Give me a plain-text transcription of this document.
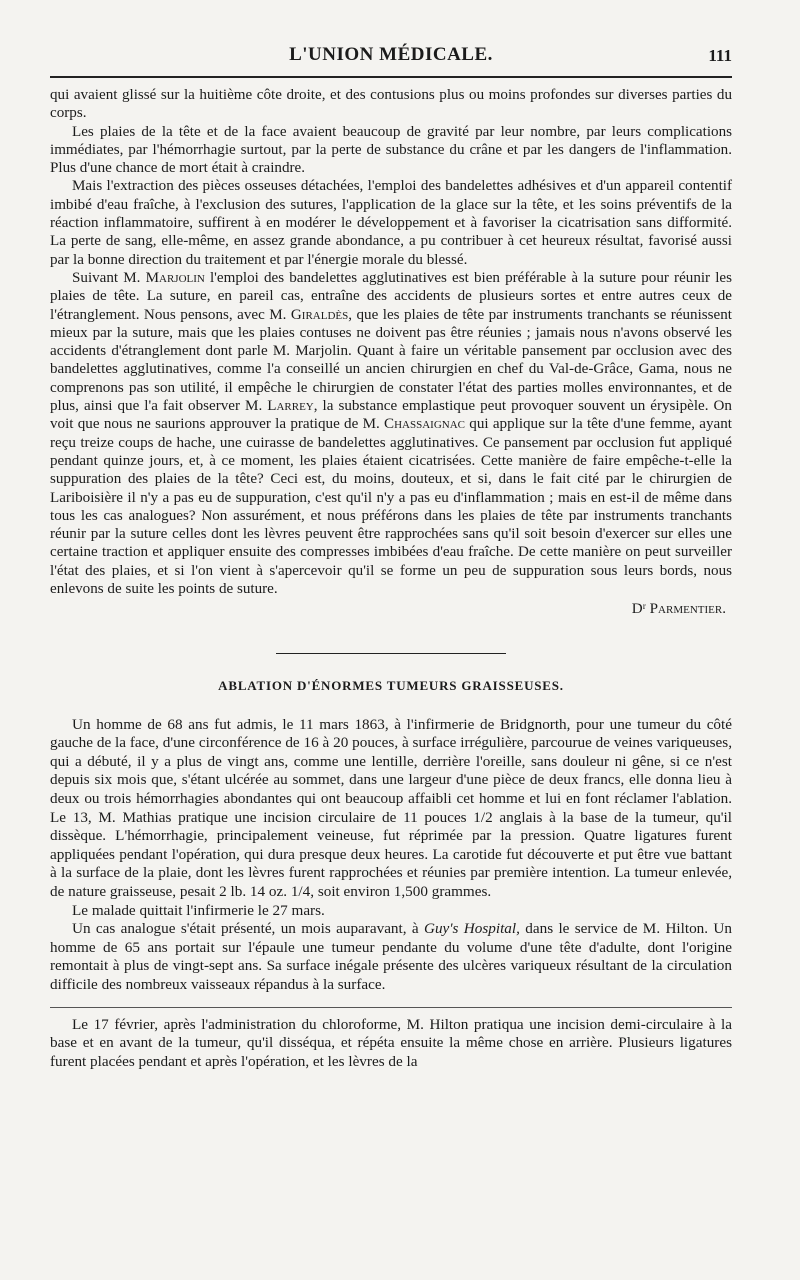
L'UNION MÉDICALE.	111

qui avaient glissé sur la huitième côte droite, et des contusions plus ou moins profondes sur diverses parties du corps.

Les plaies de la tête et de la face avaient beaucoup de gravité par leur nombre, par leurs complications immédiates, par l'hémorrhagie surtout, par la perte de substance du crâne et par les dangers de l'inflammation. Plus d'une chance de mort était à craindre.

Mais l'extraction des pièces osseuses détachées, l'emploi des bandelettes adhésives et d'un appareil contentif imbibé d'eau fraîche, à l'exclusion des sutures, l'application de la glace sur la tête, et les soins préventifs de la réaction inflammatoire, suffirent à en modérer le développement et à favoriser la cicatrisation sans difformité. La perte de sang, elle-même, en assez grande abondance, a pu contribuer à cet heureux résultat, favorisé aussi par la bonne direction du traitement et par l'énergie morale du blessé.

Suivant M. Marjolin l'emploi des bandelettes agglutinatives est bien préférable à la suture pour réunir les plaies de tête. La suture, en pareil cas, entraîne des accidents de plusieurs sortes et entre autres ceux de l'étranglement. Nous pensons, avec M. Giraldès, que les plaies de tête par instruments tranchants se réunissent mieux par la suture, mais que les plaies contuses ne doivent pas être réunies ; jamais nous n'avons observé les accidents d'étranglement dont parle M. Marjolin. Quant à faire un véritable pansement par occlusion avec des bandelettes agglutinatives, comme l'a conseillé un ancien chirurgien en chef du Val-de-Grâce, Gama, nous ne comprenons pas son utilité, il empêche le chirurgien de constater l'état des parties molles environnantes, et de plus, ainsi que l'a fait observer M. Larrey, la substance emplastique peut provoquer souvent un érysipèle. On voit que nous ne saurions approuver la pratique de M. Chassaignac qui applique sur la tête d'une femme, ayant reçu treize coups de hache, une cuirasse de bandelettes agglutinatives. Ce pansement par occlusion fut appliqué pendant quinze jours, et, à ce moment, les plaies étaient cicatrisées. Cette manière de faire empêche-t-elle la suppuration des plaies de la tête? Ceci est, du moins, douteux, et si, dans le fait cité par le chirurgien de Lariboisière il n'y a pas eu de suppuration, c'est qu'il n'y a pas eu d'inflammation ; mais en est-il de même dans tous les cas analogues? Non assurément, et nous préférons dans les plaies de tête par instruments tranchants réunir par la suture celles dont les lèvres peuvent être rapprochées sans qu'il soit besoin d'exercer sur elles une certaine traction et appliquer ensuite des compresses imbibées d'eau fraîche. De cette manière on peut surveiller l'état des plaies, et si l'on vient à s'apercevoir qu'il se forme un peu de suppuration sous leurs bords, nous enlevons de suite les points de suture.

Dʳ Parmentier.

ABLATION D'ÉNORMES TUMEURS GRAISSEUSES.

Un homme de 68 ans fut admis, le 11 mars 1863, à l'infirmerie de Bridgnorth, pour une tumeur du côté gauche de la face, d'une circonférence de 16 à 20 pouces, à surface irrégulière, parcourue de veines variqueuses, qui a débuté, il y a plus de vingt ans, comme une lentille, derrière l'oreille, sans douleur ni gêne, si ce n'est depuis six mois que, s'étant ulcérée au sommet, dans une largeur d'une pièce de deux francs, elle donna lieu à deux ou trois hémorrhagies abondantes qui ont beaucoup affaibli cet homme et lui en font réclamer l'ablation. Le 13, M. Mathias pratique une incision circulaire de 11 pouces 1/2 anglais à la base de la tumeur, qu'il dissèque. L'hémorrhagie, principalement veineuse, fut réprimée par la pression. Quatre ligatures furent appliquées pendant l'opération, qui dura presque deux heures. La carotide fut découverte et put être vue battant à la surface de la plaie, dont les lèvres furent rapprochées et réunies par première intention. La tumeur enlevée, de nature graisseuse, pesait 2 lb. 14 oz. 1/4, soit environ 1,500 grammes.

Le malade quittait l'infirmerie le 27 mars.

Un cas analogue s'était présenté, un mois auparavant, à Guy's Hospital, dans le service de M. Hilton. Un homme de 65 ans portait sur l'épaule une tumeur pendante du volume d'une tête d'adulte, dont l'origine remontait à plus de vingt-sept ans. Sa surface inégale présente des ulcères variqueux résultant de la circulation difficile des nombreux vaisseaux répandus à la surface.

Le 17 février, après l'administration du chloroforme, M. Hilton pratiqua une incision demi-circulaire à la base et en avant de la tumeur, qu'il disséqua, et répéta ensuite la même chose en arrière. Plusieurs ligatures furent placées pendant et après l'opération, et les lèvres de la
